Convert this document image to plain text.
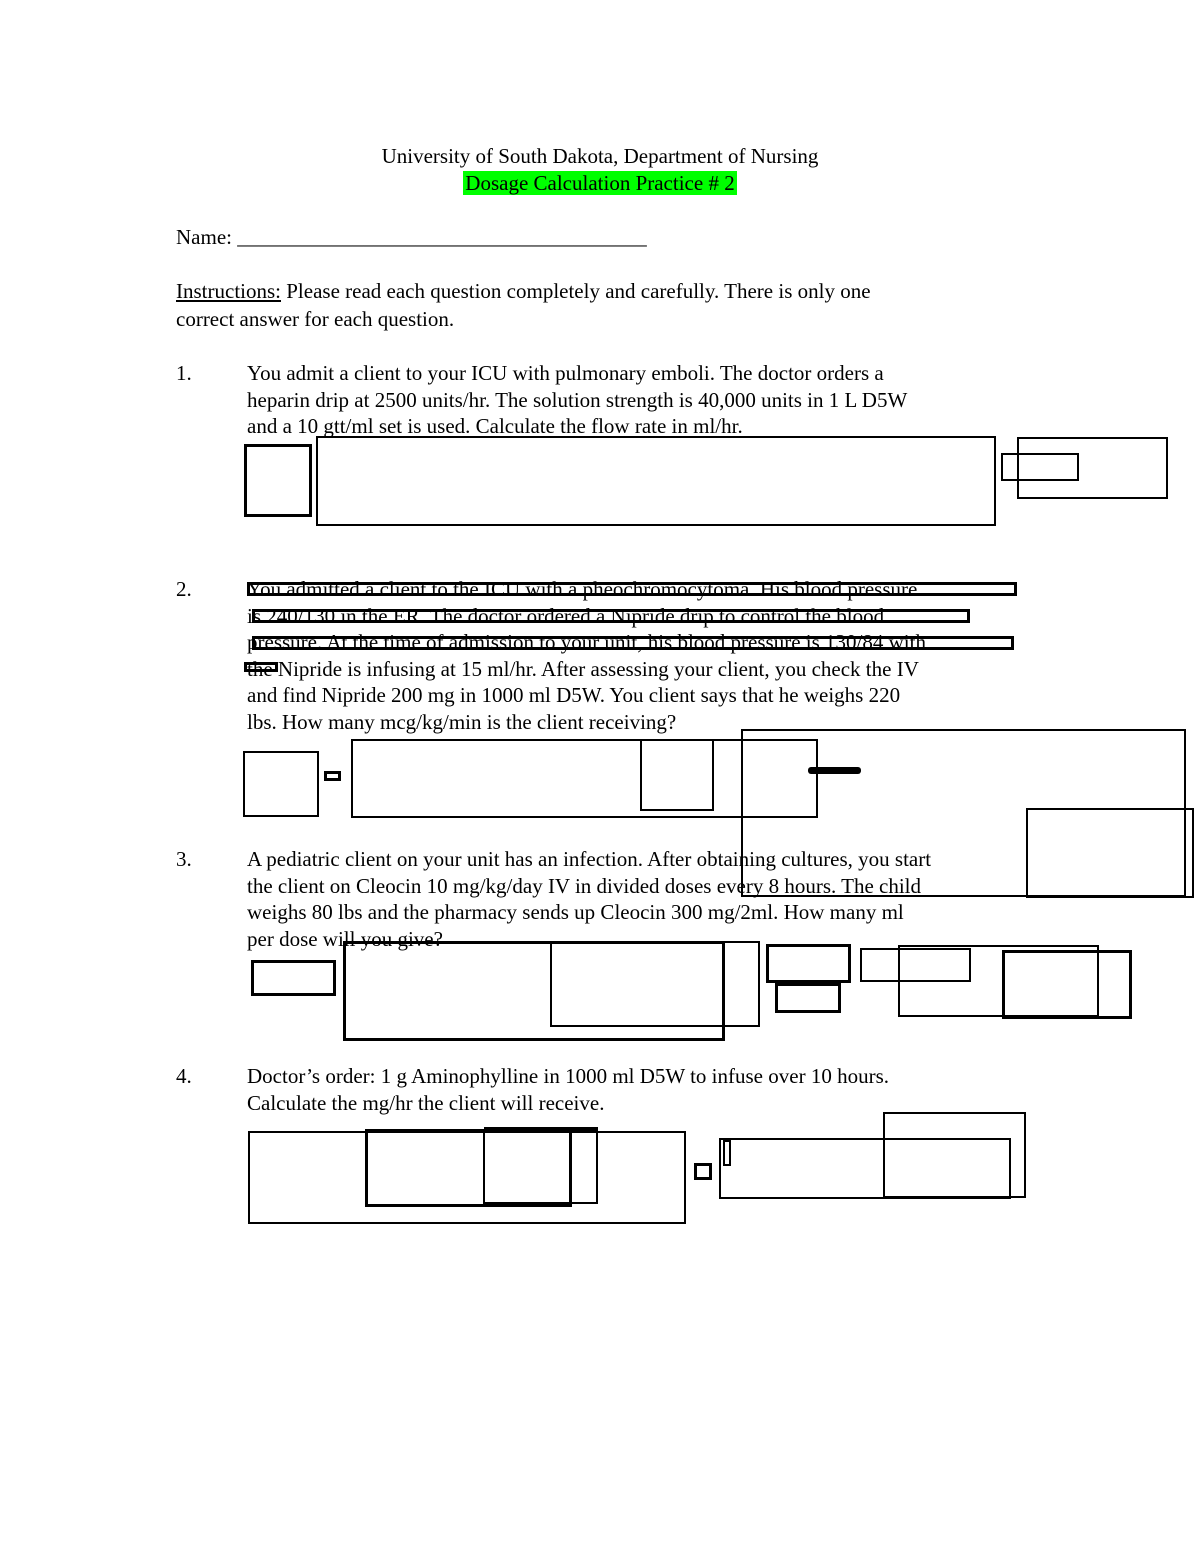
University of South Dakota, Department of Nursing
Dosage Calculation Practice # 2
Name: _______________________________________
Instructions: Please read each question completely and carefully. There is only one
correct answer for each question.
1.	You admit a client to your ICU with pulmonary emboli. The doctor orders a
heparin drip at 2500 units/hr. The solution strength is 40,000 units in 1 L D5W
and a 10 gtt/ml set is used. Calculate the flow rate in ml/hr.
2.	You admitted a client to the ICU with a pheochromocytoma. His blood pressure
is 240/130 in the ER. The doctor ordered a Nipride drip to control the blood
pressure. At the time of admission to your unit, his blood pressure is 130/84 with
the Nipride is infusing at 15 ml/hr. After assessing your client, you check the IV
and find Nipride 200 mg in 1000 ml D5W. You client says that he weighs 220
lbs. How many mcg/kg/min is the client receiving?
3.	A pediatric client on your unit has an infection. After obtaining cultures, you start
the client on Cleocin 10 mg/kg/day IV in divided doses every 8 hours. The child
weighs 80 lbs and the pharmacy sends up Cleocin 300 mg/2ml. How many ml
per dose will you give?
4.	Doctor’s order: 1 g Aminophylline in 1000 ml D5W to infuse over 10 hours.
Calculate the mg/hr the client will receive.
